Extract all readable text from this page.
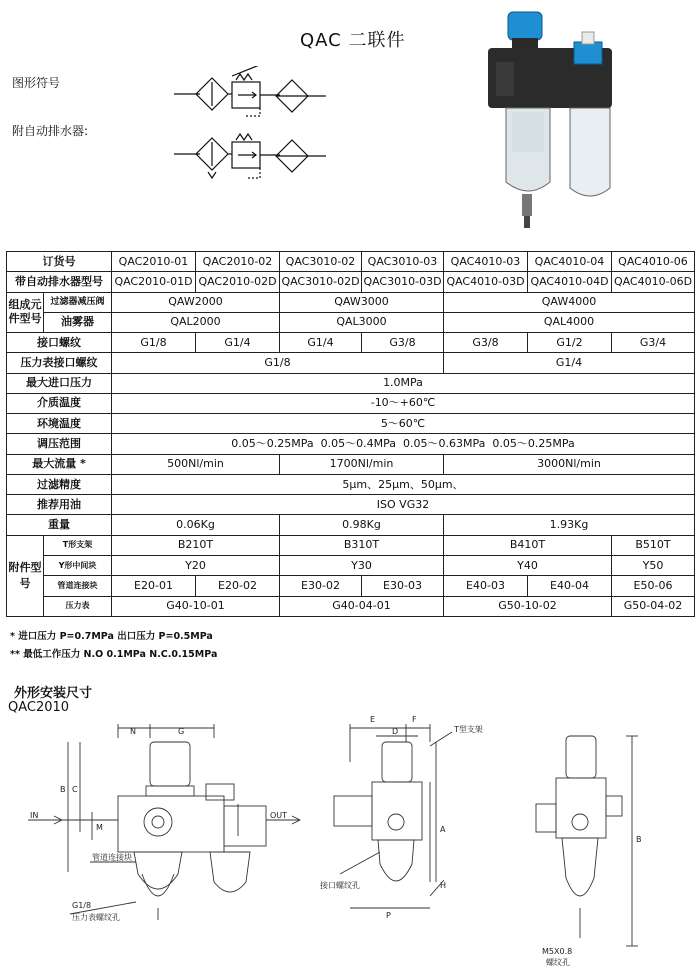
QAC 二联件
图形符号
附自动排水器:
订货号		QAC2010-01	QAC2010-02	QAC3010-02	QAC3010-03	QAC4010-03	QAC4010-04	QAC4010-06
带自动排水器型号		QAC2010-01D	QAC2010-02D	QAC3010-02D	QAC3010-03D	QAC4010-03D	QAC4010-04D	QAC4010-06D
组成元件型号	过滤器减压阀	QAW2000		QAW3000		QAW4000		
	油雾器	QAL2000		QAL3000		QAL4000		
接口螺纹		G1/8	G1/4	G1/4	G3/8	G3/8	G1/2	G3/4
压力表接口螺纹		G1/8				G1/4		
最大进口压力		1.0MPa						
介质温度		-10～+60℃						
环境温度		5～60℃						
调压范围		0.05～0.25MPa 0.05～0.4MPa 0.05～0.63MPa 0.05～0.25MPa						
最大流量 *		500Nl/min		1700Nl/min		3000Nl/min		
过滤精度		5μm、25μm、50μm、						
推荐用油		ISO VG32						
重量		0.06Kg		0.98Kg		1.93Kg		
附件型号	T形支架	B210T		B310T		B410T		B510T
	Y形中间块	Y20		Y30		Y40		Y50
	管道连接块	E20-01	E20-02	E30-02	E30-03	E40-03	E40-04	E50-06
	压力表	G40-10-01		G40-04-01		G50-10-02		G50-04-02
* 进口压力 P=0.7MPa 出口压力 P=0.5MPa
** 最低工作压力 N.O 0.1MPa N.C.0.15MPa
外形安装尺寸
QAC2010
N	G
C
B
M
IN	OUT
管道连接块
G1/8
压力表螺纹孔
E	F
D
P
A
H
T型支架
接口螺纹孔
B
M5X0.8
螺纹孔
